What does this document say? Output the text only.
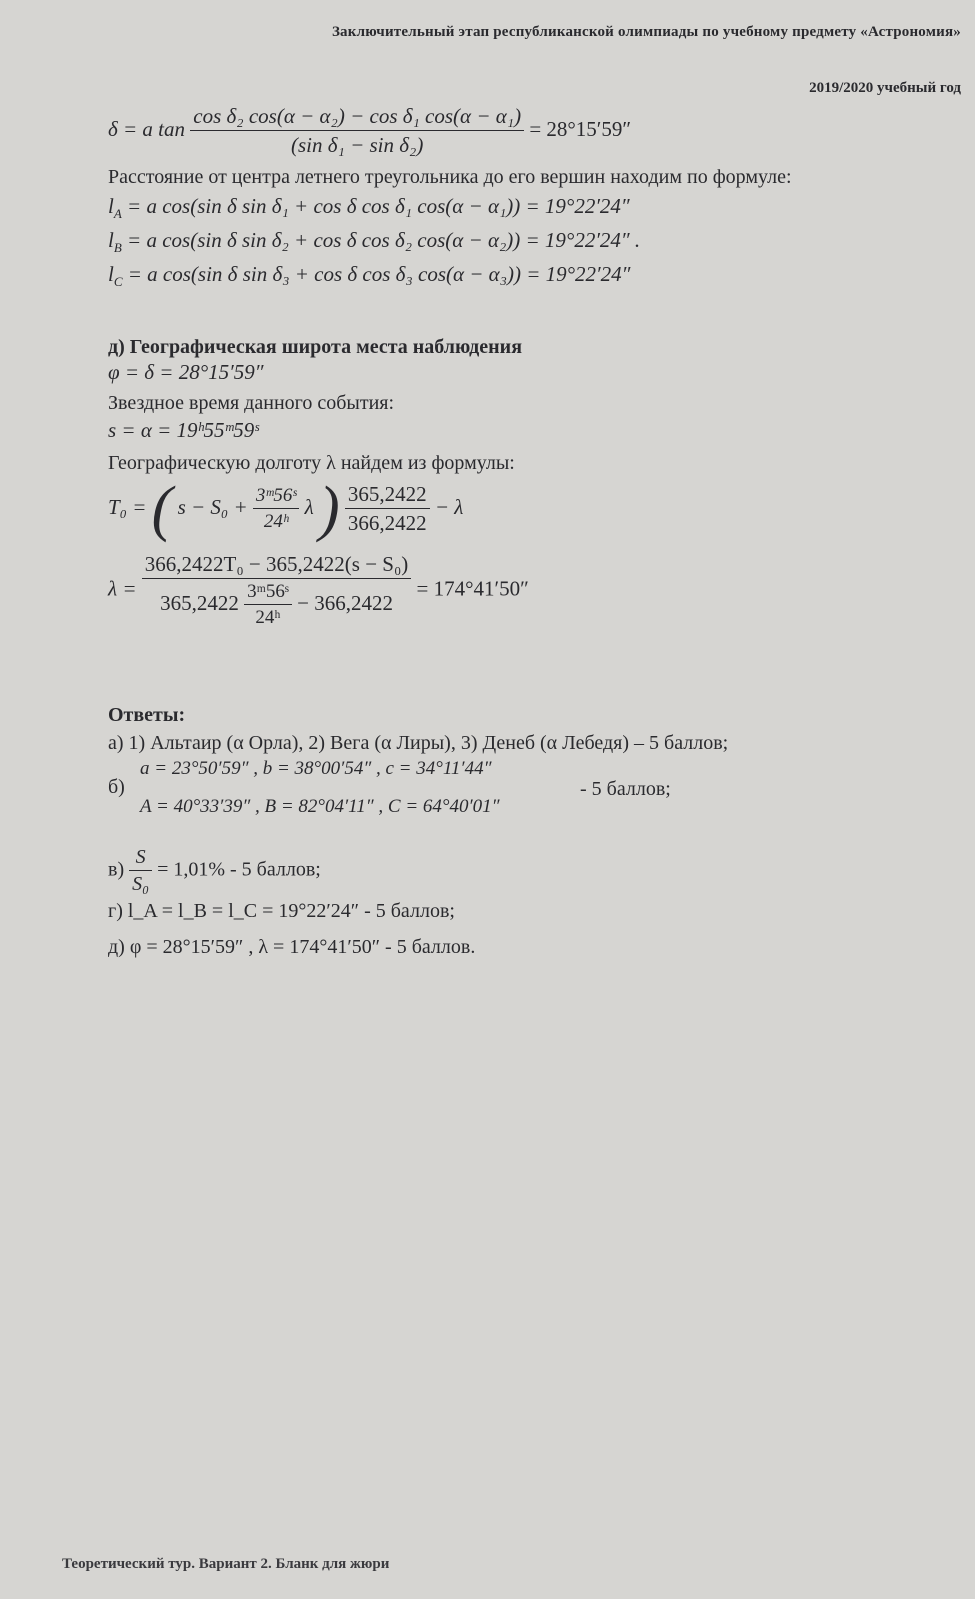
Заключительный этап республиканской олимпиады по учебному предмету «Астрономия»
2019/2020 учебный год
δ = a $\tan \frac{\text{cos δ₂ cos(α − α₂) − cos δ₁ cos(α − α₁)}}{\text{(sin δ₁ − sin δ₂)}} = 28^\circ 15'59''$
Расстояние от центра летнего треугольника до его вершин находим по формуле:
$l_A = a$ cos(sin δ sin δ₁ + cos δ cos δ₁ cos(α − α₁)) = 19°22′24″
$l_B = a$ cos(sin δ sin δ₂ + cos δ cos δ₂ cos(α − α₂)) = 19°22′24″ .
$l_C = a$ cos(sin δ sin δ₃ + cos δ cos δ₃ cos(α − α₃)) = 19°22′24″
д) Географическая широта места наблюдения
φ = δ = 28°15′59″
Звездное время данного события:
s = α = 19ʰ55ᵐ59ˢ
Географическую долготу λ найдем из формулы:
T₀ = ( $s - S_0 + \frac{\text{3ᵐ56ˢ}}{\text{24ʰ}}$ λ ) $\frac{365,2422}{366,2422} - \lambda$
λ =
366,2422T₀ − 365,2422(s − S₀)
$365,2422 \frac{\text{3ᵐ56ˢ}}{\text{24ʰ}} - 366,2422$
= 174°41′50″
Ответы:
а) 1) Альтаир (α Орла), 2) Вега (α Лиры), 3) Денеб (α Лебедя) – 5 баллов;
б)
a = 23°50′59″ , b = 38°00′54″ , c = 34°11′44″
A = 40°33′39″ , B = 82°04′11″ , C = 64°40′01″
- 5 баллов;
$в) \frac{S}{\text{S₀}} = 1,01\% - 5$ баллов;
г) l_A = l_B = l_C = 19°22′24″ - 5 баллов;
д) φ = 28°15′59″ , λ = 174°41′50″ - 5 баллов.
Теоретический тур. Вариант 2. Бланк для жюри
